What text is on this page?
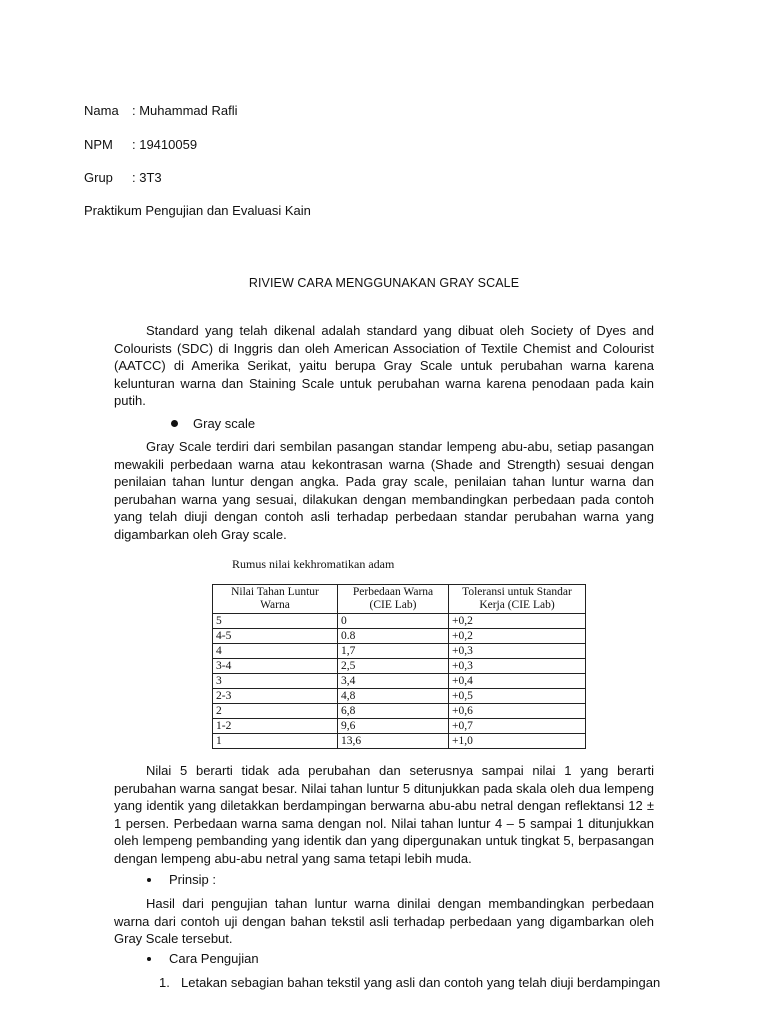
Nama	: Muhammad Rafli
NPM	: 19410059
Grup	: 3T3
Praktikum Pengujian dan Evaluasi Kain
RIVIEW CARA MENGGUNAKAN GRAY SCALE

Standard yang telah dikenal adalah standard yang dibuat oleh Society of Dyes and Colourists (SDC) di Inggris dan oleh American Association of Textile Chemist and Colourist (AATCC) di Amerika Serikat, yaitu berupa Gray Scale untuk perubahan warna karena kelunturan warna dan Staining Scale untuk perubahan warna karena penodaan pada kain putih.

Gray scale

Gray Scale terdiri dari sembilan pasangan standar lempeng abu-abu, setiap pasangan mewakili perbedaan warna atau kekontrasan warna (Shade and Strength) sesuai dengan penilaian tahan luntur dengan angka. Pada gray scale, penilaian tahan luntur warna dan perubahan warna yang sesuai, dilakukan dengan membandingkan perbedaan pada contoh yang telah diuji dengan contoh asli terhadap perbedaan standar perubahan warna yang digambarkan oleh Gray scale.

Rumus nilai kekhromatikan adam
Nilai Tahan Luntur Warna	Perbedaan Warna (CIE Lab)	Toleransi untuk Standar Kerja (CIE Lab)
5	0	+0,2
4-5	0.8	+0,2
4	1,7	+0,3
3-4	2,5	+0,3
3	3,4	+0,4
2-3	4,8	+0,5
2	6,8	+0,6
1-2	9,6	+0,7
1	13,6	+1,0

Nilai 5 berarti tidak ada perubahan dan seterusnya sampai nilai 1 yang berarti perubahan warna sangat besar. Nilai tahan luntur 5 ditunjukkan pada skala oleh dua lempeng yang identik yang diletakkan berdampingan berwarna abu-abu netral dengan reflektansi 12 ± 1 persen. Perbedaan warna sama dengan nol. Nilai tahan luntur 4 – 5 sampai 1 ditunjukkan oleh lempeng pembanding yang identik dan yang dipergunakan untuk tingkat 5, berpasangan dengan lempeng abu-abu netral yang sama tetapi lebih muda.

Prinsip :

Hasil dari pengujian tahan luntur warna dinilai dengan membandingkan perbedaan warna dari contoh uji dengan bahan tekstil asli terhadap perbedaan yang digambarkan oleh Gray Scale tersebut.

Cara Pengujian
1. Letakan sebagian bahan tekstil yang asli dan contoh yang telah diuji berdampingan
